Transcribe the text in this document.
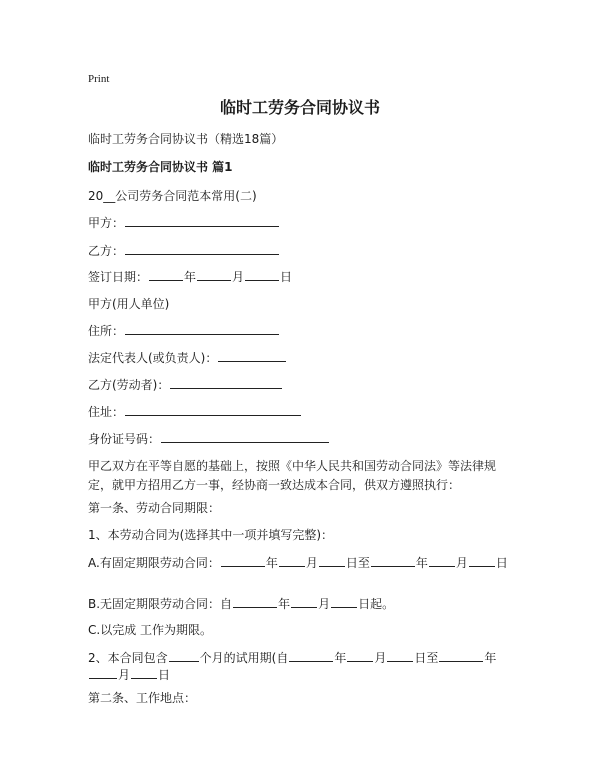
Print
临时工劳务合同协议书
临时工劳务合同协议书（精选18篇）
临时工劳务合同协议书 篇1
20__公司劳务合同范本常用(二)
甲方：
乙方：
签订日期：	年	月	日
甲方(用人单位)
住所：
法定代表人(或负责人)：
乙方(劳动者)：
住址：
身份证号码：
甲乙双方在平等自愿的基础上，按照《中华人民共和国劳动合同法》等法律规定，就甲方招用乙方一事，经协商一致达成本合同，供双方遵照执行：
第一条、劳动合同期限：
1、本劳动合同为(选择其中一项并填写完整)：
A.有固定期限劳动合同：	年 月 日至	年 月 日
B.无固定期限劳动合同：自	年 月 日起。
C.以完成 工作为期限。
2、本合同包含	个月的试用期(自	年 月 日至	年
月 日
第二条、工作地点：
